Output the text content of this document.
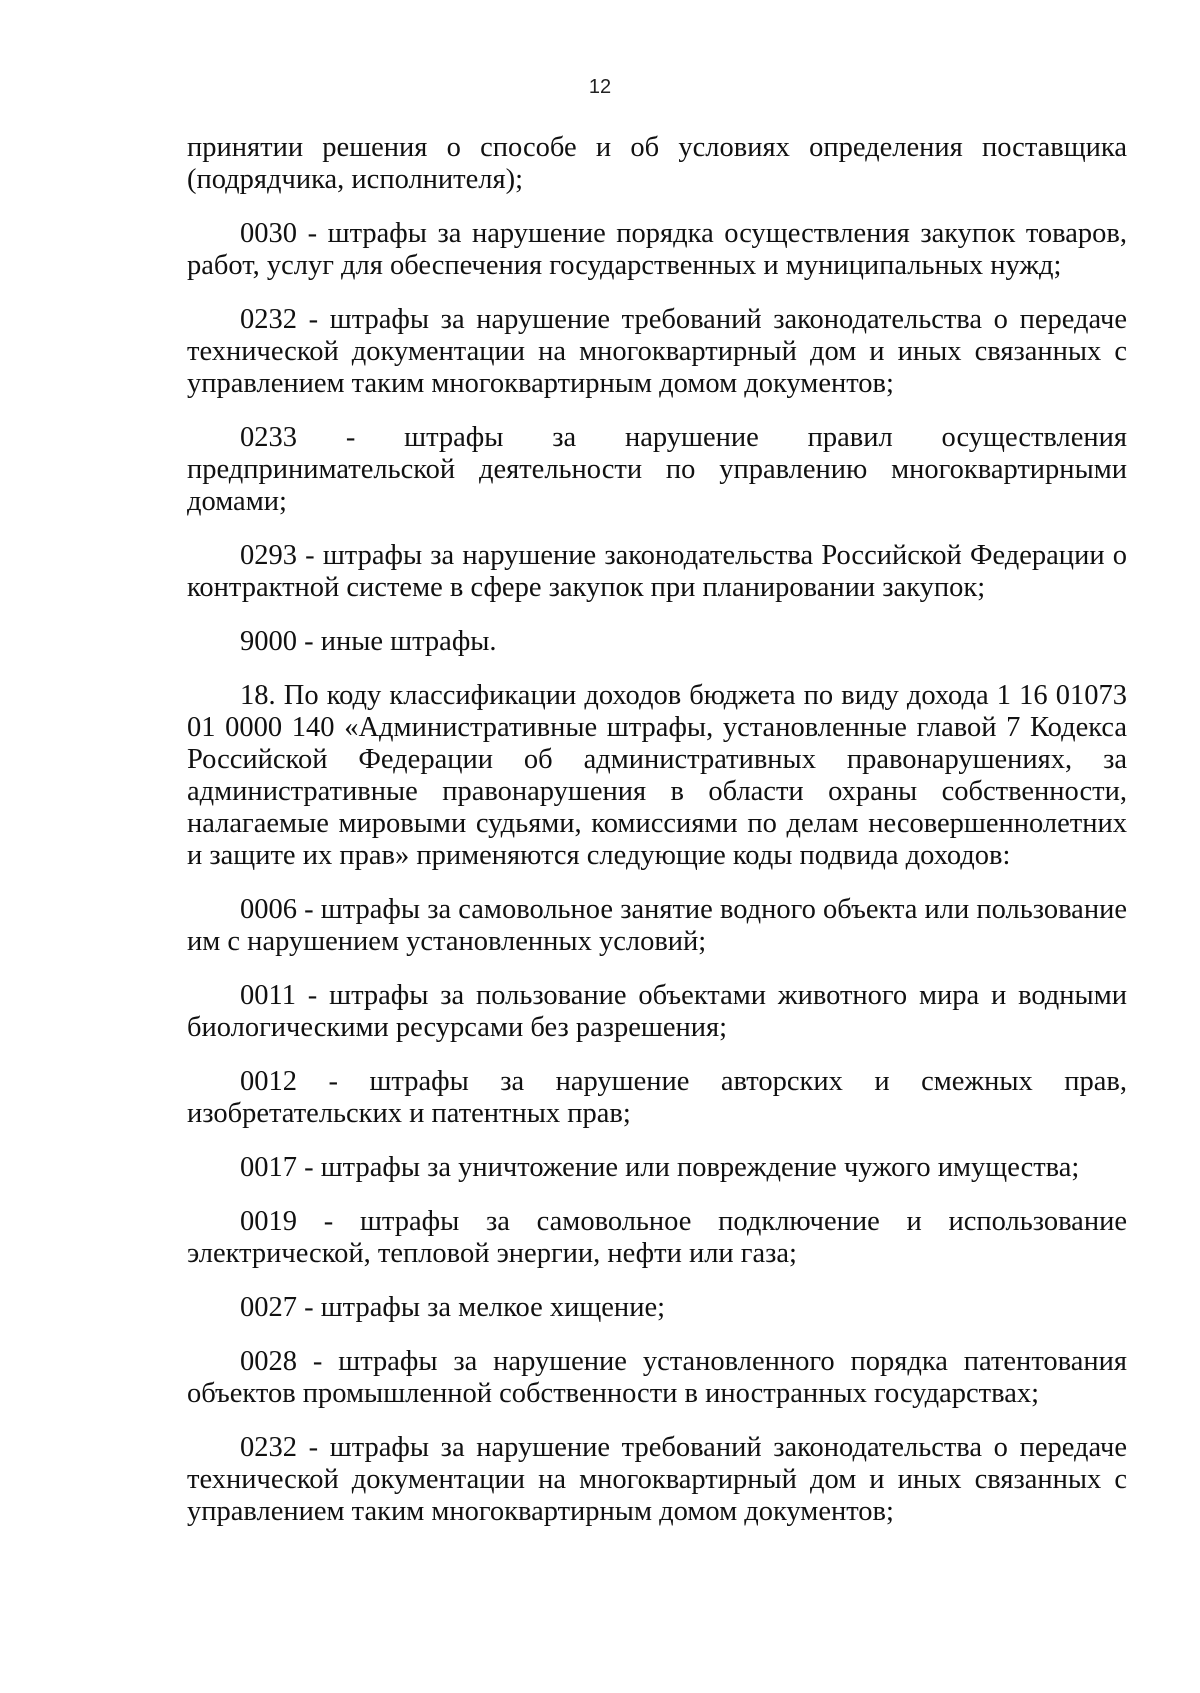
12

принятии решения о способе и об условиях определения поставщика (подрядчика, исполнителя);

0030 - штрафы за нарушение порядка осуществления закупок товаров, работ, услуг для обеспечения государственных и муниципальных нужд;

0232 - штрафы за нарушение требований законодательства о передаче технической документации на многоквартирный дом и иных связанных с управлением таким многоквартирным домом документов;

0233 - штрафы за нарушение правил осуществления предпринимательской деятельности по управлению многоквартирными домами;

0293 - штрафы за нарушение законодательства Российской Федерации о контрактной системе в сфере закупок при планировании закупок;

9000 - иные штрафы.

18. По коду классификации доходов бюджета по виду дохода 1 16 01073 01 0000 140 «Административные штрафы, установленные главой 7 Кодекса Российской Федерации об административных правонарушениях, за административные правонарушения в области охраны собственности, налагаемые мировыми судьями, комиссиями по делам несовершеннолетних и защите их прав» применяются следующие коды подвида доходов:

0006 - штрафы за самовольное занятие водного объекта или пользование им с нарушением установленных условий;

0011 - штрафы за пользование объектами животного мира и водными биологическими ресурсами без разрешения;

0012 - штрафы за нарушение авторских и смежных прав, изобретательских и патентных прав;

0017 - штрафы за уничтожение или повреждение чужого имущества;

0019 - штрафы за самовольное подключение и использование электрической, тепловой энергии, нефти или газа;

0027 - штрафы за мелкое хищение;

0028 - штрафы за нарушение установленного порядка патентования объектов промышленной собственности в иностранных государствах;

0232 - штрафы за нарушение требований законодательства о передаче технической документации на многоквартирный дом и иных связанных с управлением таким многоквартирным домом документов;
